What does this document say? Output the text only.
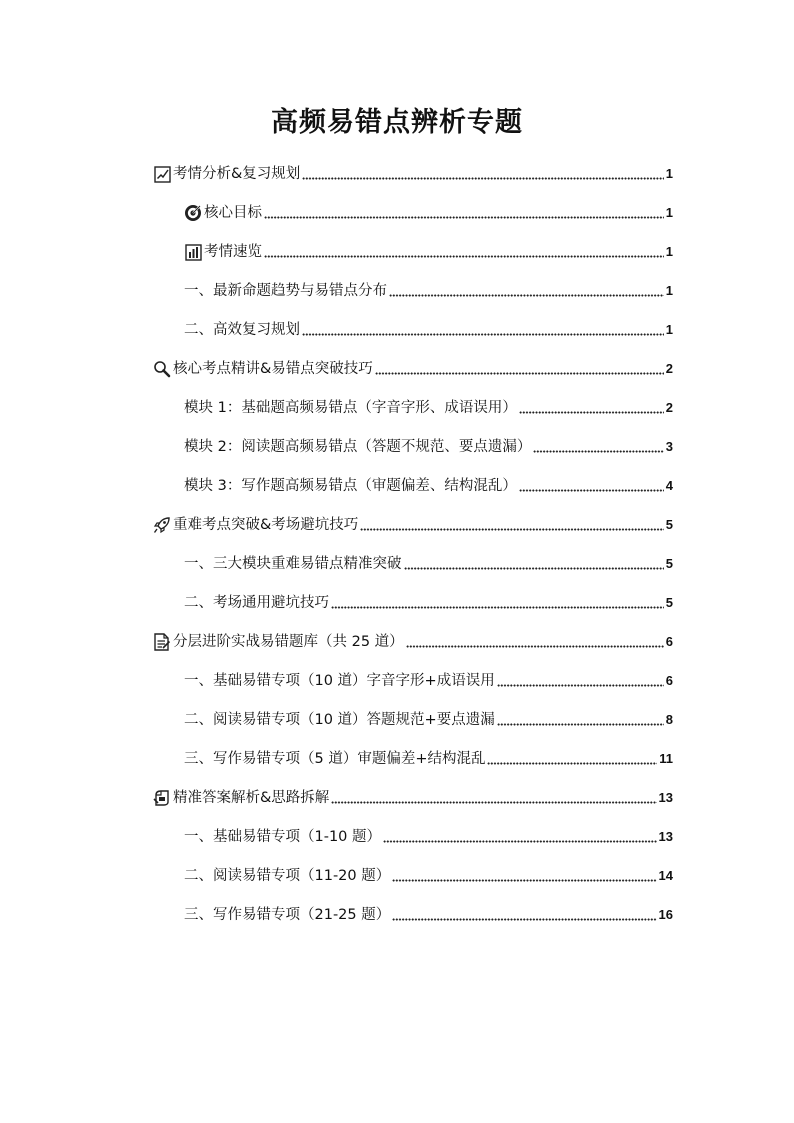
高频易错点辨析专题
考情分析&复习规划	1
核心目标	1
考情速览	1
一、最新命题趋势与易错点分布	1
二、高效复习规划	1
核心考点精讲&易错点突破技巧	2
模块 1：基础题高频易错点（字音字形、成语误用）	2
模块 2：阅读题高频易错点（答题不规范、要点遗漏）	3
模块 3：写作题高频易错点（审题偏差、结构混乱）	4
重难考点突破&考场避坑技巧	5
一、三大模块重难易错点精准突破	5
二、考场通用避坑技巧	5
分层进阶实战易错题库（共 25 道）	6
一、基础易错专项（10 道）字音字形+成语误用	6
二、阅读易错专项（10 道）答题规范+要点遗漏	8
三、写作易错专项（5 道）审题偏差+结构混乱	11
精准答案解析&思路拆解	13
一、基础易错专项（1-10 题）	13
二、阅读易错专项（11-20 题）	14
三、写作易错专项（21-25 题）	16
